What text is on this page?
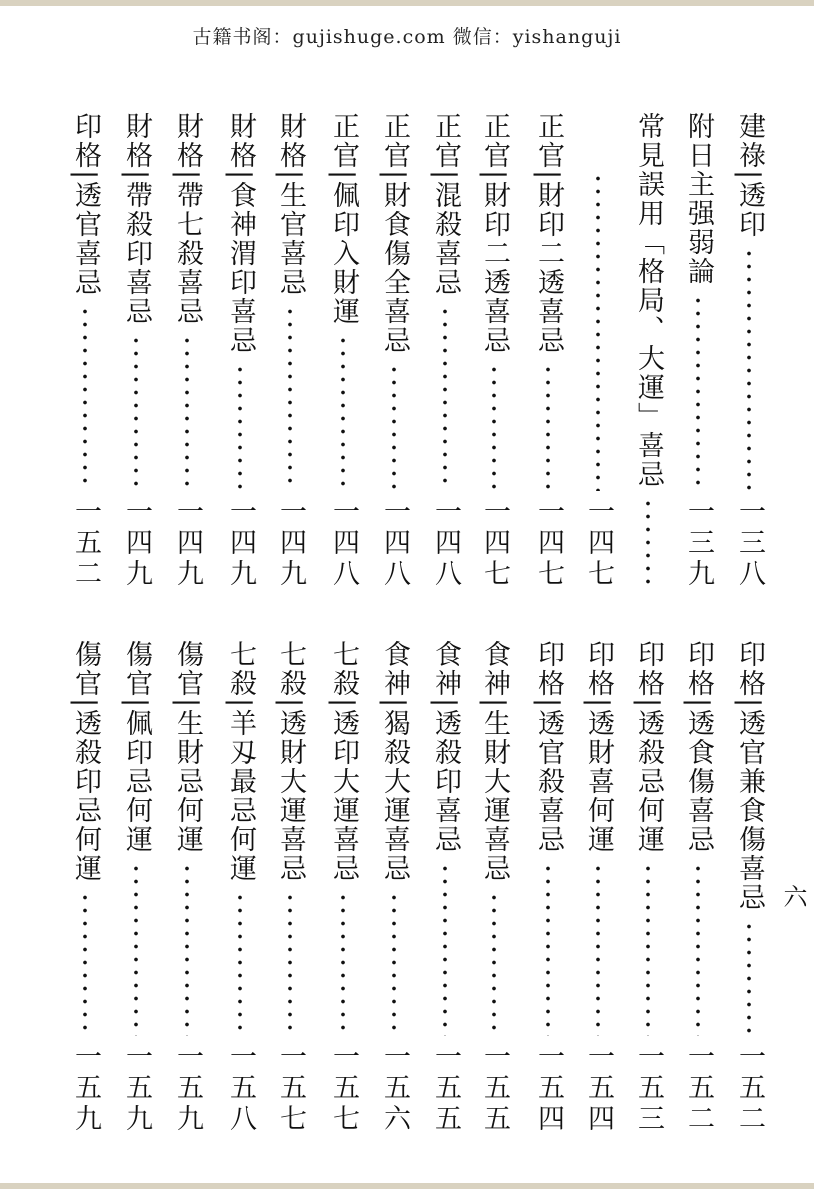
古籍书阁：gujishuge.com 微信：yishanguji
六
建祿|透印
一三八
附日主强弱論
一三九
常見誤用「格局、大運」喜忌
一四七
正官|財印二透喜忌
一四七
正官|財印二透喜忌
一四七
正官|混殺喜忌
一四八
正官|財食傷全喜忌
一四八
正官|佩印入財運
一四八
財格|生官喜忌
一四九
財格|食神渭印喜忌
一四九
財格|帶七殺喜忌
一四九
財格|帶殺印喜忌
一四九
印格|透官喜忌
一五二
印格|透官兼食傷喜忌
一五二
印格|透食傷喜忌
一五二
印格|透殺忌何運
一五三
印格|透財喜何運
一五四
印格|透官殺喜忌
一五四
食神|生財大運喜忌
一五五
食神|透殺印喜忌
一五五
食神|猲殺大運喜忌
一五六
七殺|透印大運喜忌
一五七
七殺|透財大運喜忌
一五七
七殺|羊刄最忌何運
一五八
傷官|生財忌何運
一五九
傷官|佩印忌何運
一五九
傷官|透殺印忌何運
一五九
